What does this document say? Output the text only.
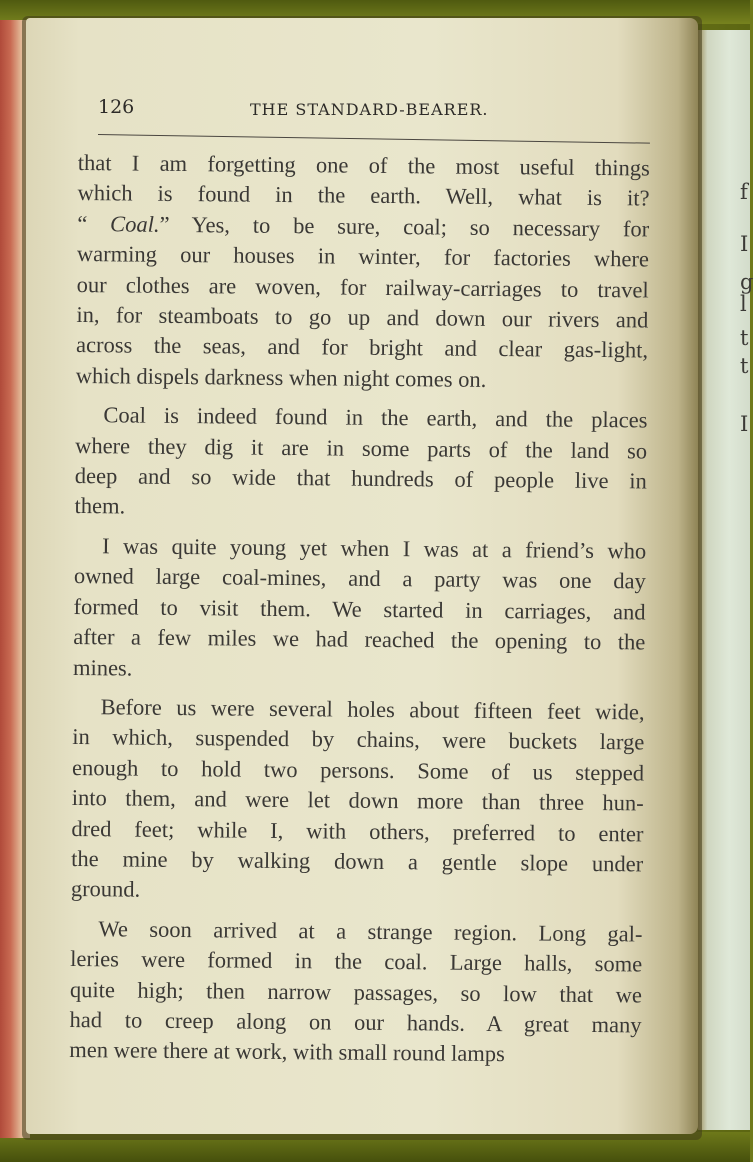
f
I
g
l
t
t
I
126	THE STANDARD-BEARER.
that I am forgetting one of the most useful things
which is found in the earth. Well, what is it?
“ Coal.” Yes, to be sure, coal; so necessary for
warming our houses in winter, for factories where
our clothes are woven, for railway-carriages to travel
in, for steamboats to go up and down our rivers and
across the seas, and for bright and clear gas-light,
which dispels darkness when night comes on.
Coal is indeed found in the earth, and the places
where they dig it are in some parts of the land so
deep and so wide that hundreds of people live in
them.
I was quite young yet when I was at a friend’s who
owned large coal-mines, and a party was one day
formed to visit them. We started in carriages, and
after a few miles we had reached the opening to the
mines.
Before us were several holes about fifteen feet wide,
in which, suspended by chains, were buckets large
enough to hold two persons. Some of us stepped
into them, and were let down more than three hun-
dred feet; while I, with others, preferred to enter
the mine by walking down a gentle slope under
ground.
We soon arrived at a strange region. Long gal-
leries were formed in the coal. Large halls, some
quite high; then narrow passages, so low that we
had to creep along on our hands. A great many
men were there at work, with small round lamps
